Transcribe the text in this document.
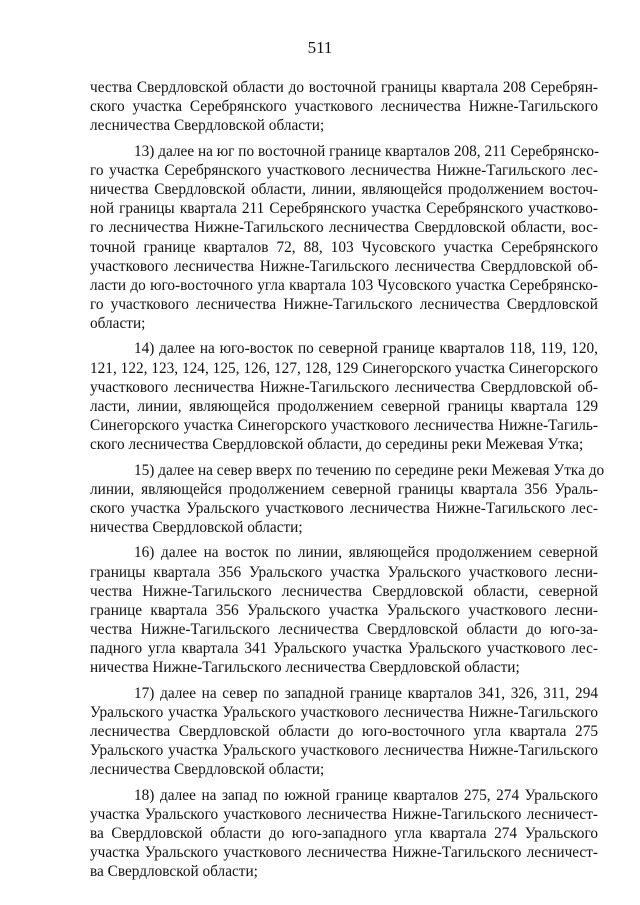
511
чества Свердловской области до восточной границы квартала 208 Серебрян-
ского участка Серебрянского участкового лесничества Нижне-Тагильского
лесничества Свердловской области;
13) далее на юг по восточной границе кварталов 208, 211 Серебрянско-
го участка Серебрянского участкового лесничества Нижне-Тагильского лес-
ничества Свердловской области, линии, являющейся продолжением восточ-
ной границы квартала 211 Серебрянского участка Серебрянского участково-
го лесничества Нижне-Тагильского лесничества Свердловской области, вос-
точной границе кварталов 72, 88, 103 Чусовского участка Серебрянского
участкового лесничества Нижне-Тагильского лесничества Свердловской об-
ласти до юго-восточного угла квартала 103 Чусовского участка Серебрянско-
го участкового лесничества Нижне-Тагильского лесничества Свердловской
области;
14) далее на юго-восток по северной границе кварталов 118, 119, 120,
121, 122, 123, 124, 125, 126, 127, 128, 129 Синегорского участка Синегорского
участкового лесничества Нижне-Тагильского лесничества Свердловской об-
ласти, линии, являющейся продолжением северной границы квартала 129
Синегорского участка Синегорского участкового лесничества Нижне-Тагиль-
ского лесничества Свердловской области, до середины реки Межевая Утка;
15) далее на север вверх по течению по середине реки Межевая Утка до
линии, являющейся продолжением северной границы квартала 356 Ураль-
ского участка Уральского участкового лесничества Нижне-Тагильского лес-
ничества Свердловской области;
16) далее на восток по линии, являющейся продолжением северной
границы квартала 356 Уральского участка Уральского участкового лесни-
чества Нижне-Тагильского лесничества Свердловской области, северной
границе квартала 356 Уральского участка Уральского участкового лесни-
чества Нижне-Тагильского лесничества Свердловской области до юго-за-
падного угла квартала 341 Уральского участка Уральского участкового лес-
ничества Нижне-Тагильского лесничества Свердловской области;
17) далее на север по западной границе кварталов 341, 326, 311, 294
Уральского участка Уральского участкового лесничества Нижне-Тагильского
лесничества Свердловской области до юго-восточного угла квартала 275
Уральского участка Уральского участкового лесничества Нижне-Тагильского
лесничества Свердловской области;
18) далее на запад по южной границе кварталов 275, 274 Уральского
участка Уральского участкового лесничества Нижне-Тагильского лесничест-
ва Свердловской области до юго-западного угла квартала 274 Уральского
участка Уральского участкового лесничества Нижне-Тагильского лесничест-
ва Свердловской области;
